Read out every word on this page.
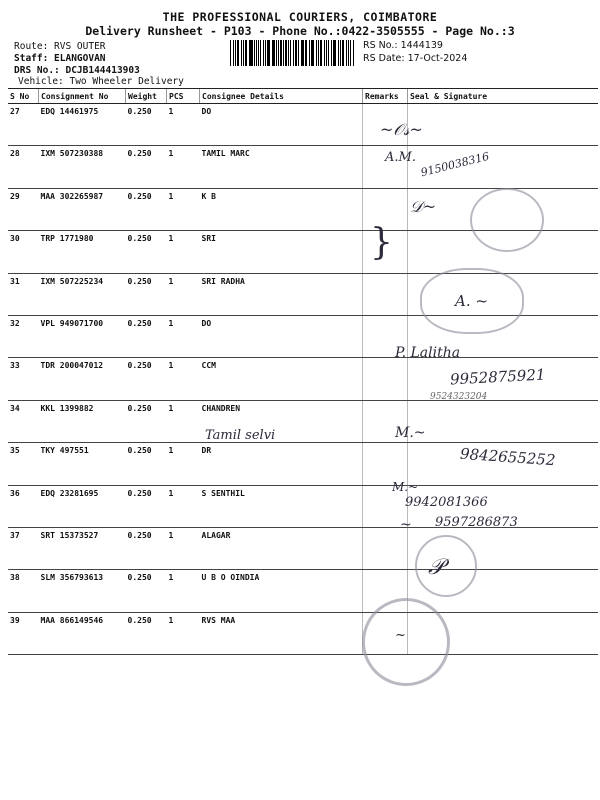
THE PROFESSIONAL COURIERS, COIMBATORE
Delivery Runsheet - P103 - Phone No.:0422-3505555 - Page No.:3
Route: RVS OUTER
Staff: ELANGOVAN
DRS No.: DCJB144413903
Vehicle: Two Wheeler Delivery
RS No.: 1444139
RS Date: 17-Oct-2024
S No	Consignment No	Weight	PCS	Consignee Details	Remarks	Seal & Signature
27	EDQ 14461975	0.250	1	DO		
28	IXM 507230388	0.250	1	TAMIL MARC		
29	MAA 302265987	0.250	1	K B		
30	TRP 1771980	0.250	1	SRI		
31	IXM 507225234	0.250	1	SRI RADHA		
32	VPL 949071700	0.250	1	DO		
33	TDR 200047012	0.250	1	CCM		
34	KKL 1399882	0.250	1	CHANDREN		
35	TKY 497551	0.250	1	DR		
36	EDQ 23281695	0.250	1	S SENTHIL		
37	SRT 15373527	0.250	1	ALAGAR		
38	SLM 356793613	0.250	1	U B O OINDIA		
39	MAA 866149546	0.250	1	RVS MAA		
~𝒪𝓈~
A.M. 9150038316
𝒟~
}
A. ~
P. Lalitha
9952875921
9524323204
Tamil selvi	M.~
9842655252
M.~
9942081366
~ 9597286873
𝒫
~
